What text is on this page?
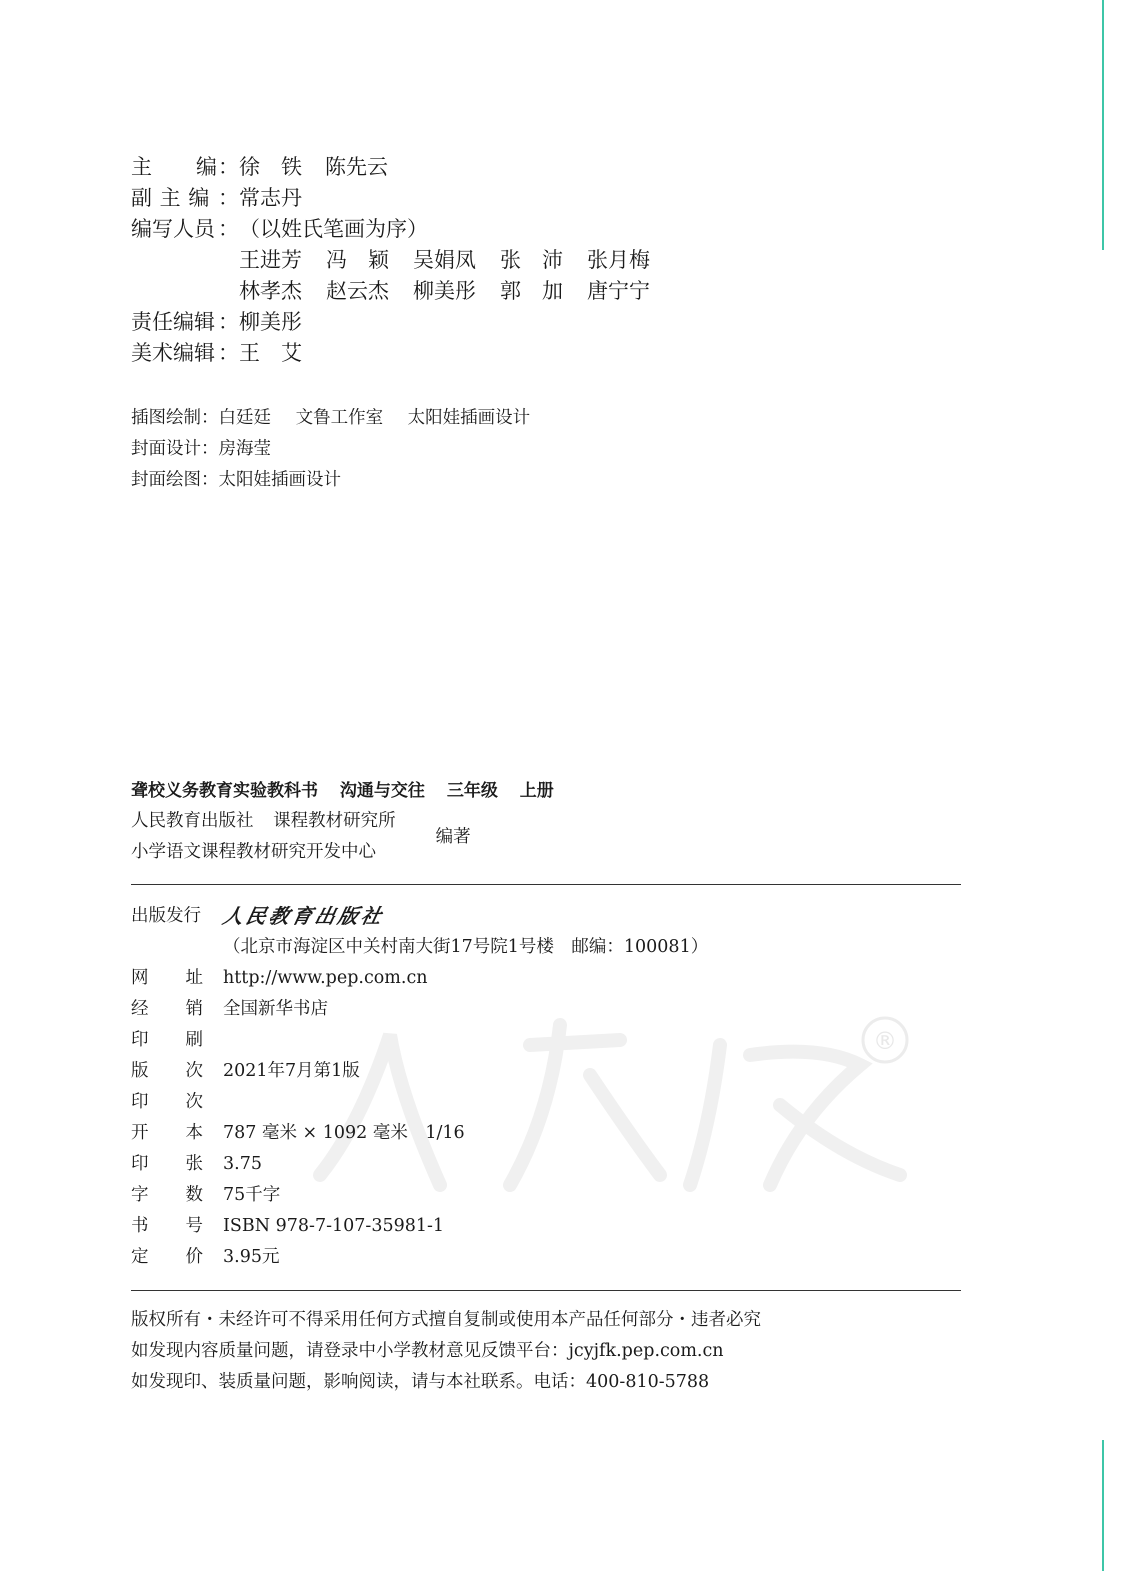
®
主 编 ： 徐　铁 陈先云
副 主 编 ： 常志丹
编写人员 ： （以姓氏笔画为序）
王进芳	冯　颖	吴娟凤	张　沛	张月梅
林孝杰	赵云杰	柳美彤	郭　加	唐宁宁
责任编辑 ： 柳美彤
美术编辑 ： 王　艾
插图绘制： 白廷廷 文鲁工作室 太阳娃插画设计
封面设计： 房海莹
封面绘图： 太阳娃插画设计
聋校义务教育实验教科书 沟通与交往 三年级 上册
人民教育出版社 课程教材研究所
小学语文课程教材研究开发中心
编著
出版发行 人民教育出版社
（北京市海淀区中关村南大街17号院1号楼　邮编：100081）
网 址 http://www.pep.com.cn
经 销 全国新华书店
印 刷
版 次 2021年7月第1版
印 次
开 本 787 毫米 × 1092 毫米　1/16
印 张 3.75
字 数 75千字
书 号 ISBN 978-7-107-35981-1
定 价 3.95元
版权所有・未经许可不得采用任何方式擅自复制或使用本产品任何部分・违者必究
如发现内容质量问题，请登录中小学教材意见反馈平台：jcyjfk.pep.com.cn
如发现印、装质量问题，影响阅读，请与本社联系。电话：400-810-5788
